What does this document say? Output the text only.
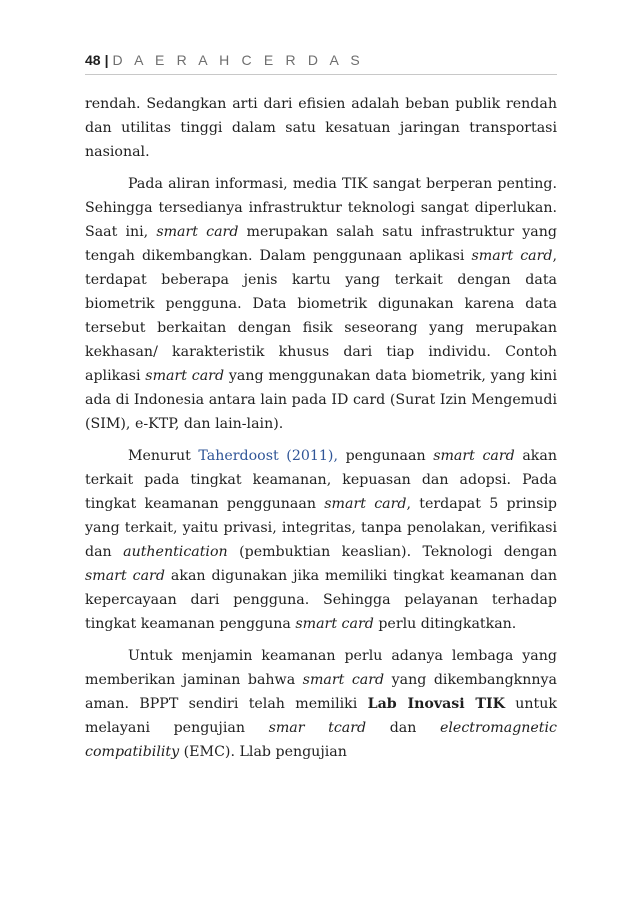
48 | D A E R A H C E R D A S

rendah. Sedangkan arti dari efisien adalah beban publik rendah dan utilitas tinggi dalam satu kesatuan jaringan transportasi nasional.

Pada aliran informasi, media TIK sangat berperan penting. Sehingga tersedianya infrastruktur teknologi sangat diperlukan. Saat ini, smart card merupakan salah satu infrastruktur yang tengah dikembangkan. Dalam penggunaan aplikasi smart card, terdapat beberapa jenis kartu yang terkait dengan data biometrik pengguna. Data biometrik digunakan karena data tersebut berkaitan dengan fisik seseorang yang merupakan kekhasan/ karakteristik khusus dari tiap individu. Contoh aplikasi smart card yang menggunakan data biometrik, yang kini ada di Indonesia antara lain pada ID card (Surat Izin Mengemudi (SIM), e-KTP, dan lain-lain).

Menurut Taherdoost (2011), pengunaan smart card akan terkait pada tingkat keamanan, kepuasan dan adopsi. Pada tingkat keamanan penggunaan smart card, terdapat 5 prinsip yang terkait, yaitu privasi, integritas, tanpa penolakan, verifikasi dan authentication (pembuktian keaslian). Teknologi dengan smart card akan digunakan jika memiliki tingkat keamanan dan kepercayaan dari pengguna. Sehingga pelayanan terhadap tingkat keamanan pengguna smart card perlu ditingkatkan.

Untuk menjamin keamanan perlu adanya lembaga yang memberikan jaminan bahwa smart card yang dikembangknnya aman. BPPT sendiri telah memiliki Lab Inovasi TIK untuk melayani pengujian smar tcard dan electromagnetic compatibility (EMC). Llab pengujian
